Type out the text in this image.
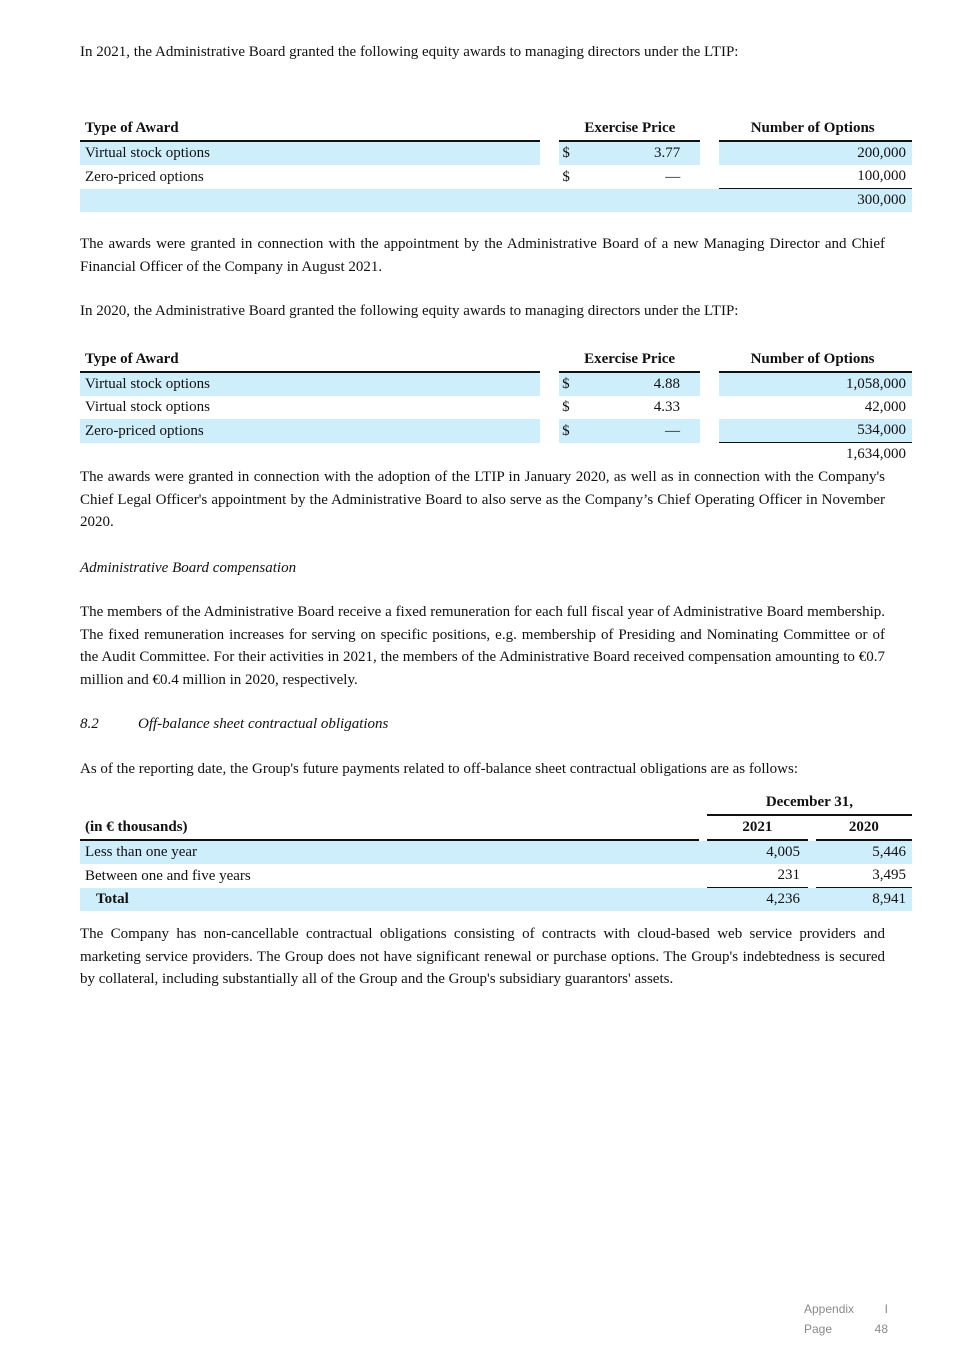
In 2021, the Administrative Board granted the following equity awards to managing directors under the LTIP:

Type of Award		Exercise Price			Number of Options
Virtual stock options		$	3.77		200,000
Zero-priced options		$	—		100,000
					300,000

The awards were granted in connection with the appointment by the Administrative Board of a new Managing Director and Chief Financial Officer of the Company in August 2021.

In 2020, the Administrative Board granted the following equity awards to managing directors under the LTIP:

Type of Award		Exercise Price			Number of Options
Virtual stock options		$	4.88		1,058,000
Virtual stock options		$	4.33		42,000
Zero-priced options		$	—		534,000
					1,634,000

The awards were granted in connection with the adoption of the LTIP in January 2020, as well as in connection with the Company's Chief Legal Officer's appointment by the Administrative Board to also serve as the Company’s Chief Operating Officer in November 2020.

Administrative Board compensation

The members of the Administrative Board receive a fixed remuneration for each full fiscal year of Administrative Board membership. The fixed remuneration increases for serving on specific positions, e.g. membership of Presiding and Nominating Committee or of the Audit Committee. For their activities in 2021, the members of the Administrative Board received compensation amounting to €0.7 million and €0.4 million in 2020, respectively.

8.2	Off-balance sheet contractual obligations

As of the reporting date, the Group's future payments related to off-balance sheet contractual obligations are as follows:

		December 31,		
(in € thousands)		2021		2020
Less than one year		4,005		5,446
Between one and five years		231		3,495
Total		4,236		8,941

The Company has non-cancellable contractual obligations consisting of contracts with cloud-based web service providers and marketing service providers. The Group does not have significant renewal or purchase options. The Group's indebtedness is secured by collateral, including substantially all of the Group and the Group's subsidiary guarantors' assets.

Appendix	I
Page	48
